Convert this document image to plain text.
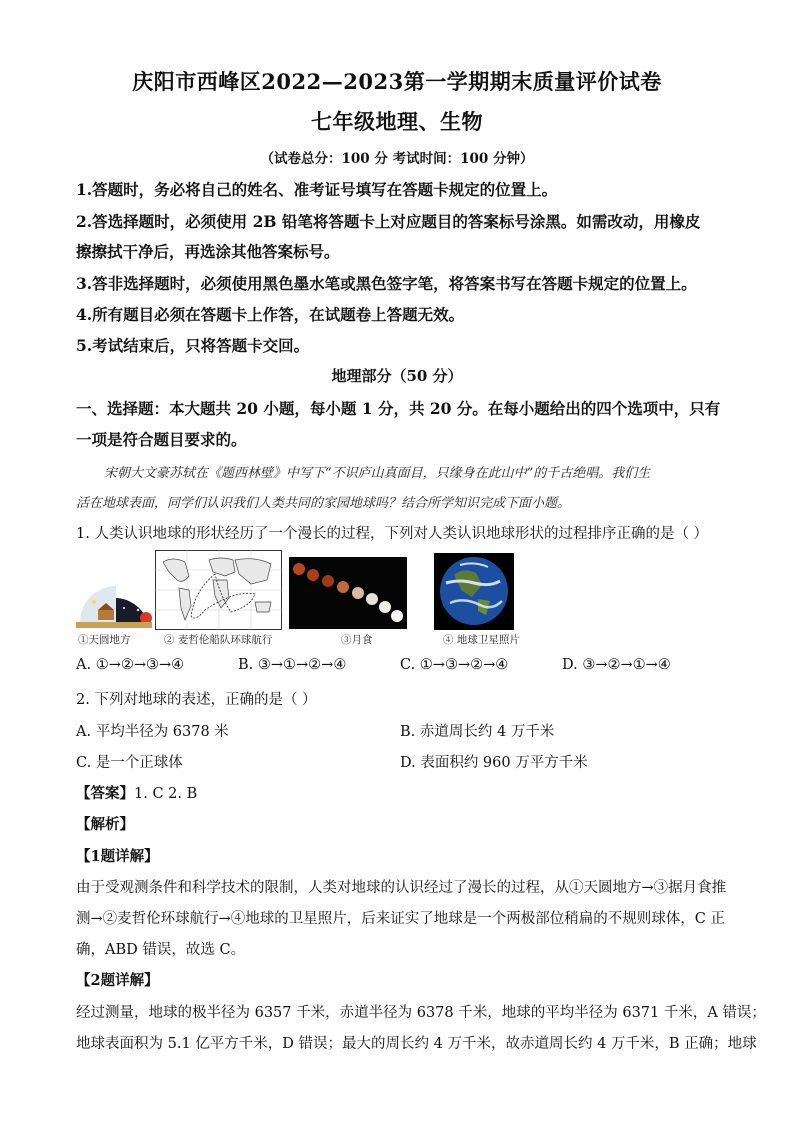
庆阳市西峰区2022—2023第一学期期末质量评价试卷
七年级地理、生物
（试卷总分：100 分 考试时间：100 分钟）
1.答题时，务必将自己的姓名、准考证号填写在答题卡规定的位置上。
2.答选择题时，必须使用 2B 铅笔将答题卡上对应题目的答案标号涂黑。如需改动，用橡皮
擦擦拭干净后，再选涂其他答案标号。
3.答非选择题时，必须使用黑色墨水笔或黑色签字笔，将答案书写在答题卡规定的位置上。
4.所有题目必须在答题卡上作答，在试题卷上答题无效。
5.考试结束后，只将答题卡交回。
地理部分（50 分）
一、选择题：本大题共 20 小题，每小题 1 分，共 20 分。在每小题给出的四个选项中，只有
一项是符合题目要求的。
宋朝大文豪苏轼在《题西林壁》中写下“不识庐山真面目，只缘身在此山中”的千古绝唱。我们生
活在地球表面，同学们认识我们人类共同的家园地球吗？结合所学知识完成下面小题。
1. 人类认识地球的形状经历了一个漫长的过程，下列对人类认识地球形状的过程排序正确的是（ ）
①天圆地方	② 麦哲伦船队环球航行	③月食	④ 地球卫星照片
A. ①→②→③→④	B. ③→①→②→④	C. ①→③→②→④	D. ③→②→①→④
2. 下列对地球的表述，正确的是（ ）
A. 平均半径为 6378 米	B. 赤道周长约 4 万千米
C. 是一个正球体	D. 表面积约 960 万平方千米
【答案】1. C 2. B
【解析】
【1题详解】
由于受观测条件和科学技术的限制，人类对地球的认识经过了漫长的过程，从①天圆地方→③据月食推
测→②麦哲伦环球航行→④地球的卫星照片，后来证实了地球是一个两极部位稍扁的不规则球体，C 正
确，ABD 错误，故选 C。
【2题详解】
经过测量，地球的极半径为 6357 千米，赤道半径为 6378 千米，地球的平均半径为 6371 千米，A 错误；
地球表面积为 5.1 亿平方千米，D 错误；最大的周长约 4 万千米，故赤道周长约 4 万千米，B 正确；地球
